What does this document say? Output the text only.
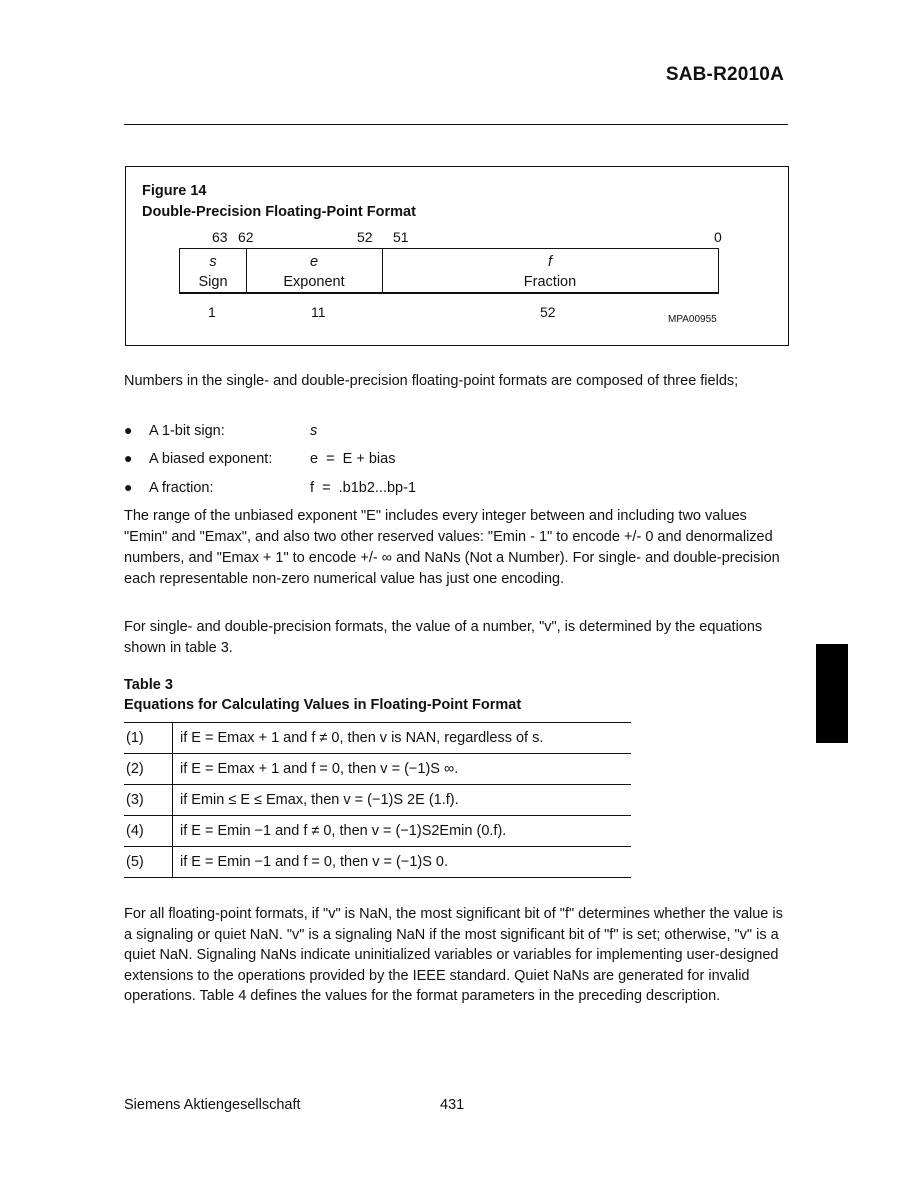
SAB-R2010A
Figure 14
Double-Precision Floating-Point Format
63 62	52 51	0
s
Sign
e
Exponent
f
Fraction
1	11	52	MPA00955
Numbers in the single- and double-precision floating-point formats are composed of three fields;
● A 1-bit sign:	s
● A biased exponent:	e  =  E + bias
● A fraction:	f  =  .b1b2...bp-1
The range of the unbiased exponent "E" includes every integer between and including two values "Emin" and "Emax", and also two other reserved values: "Emin - 1" to encode +/- 0 and denormalized numbers, and "Emax + 1" to encode +/- ∞ and NaNs (Not a Number). For single- and double-precision each representable non-zero numerical value has just one encoding.
For single- and double-precision formats, the value of a number, "v", is determined by the equations shown in table 3.
Table 3
Equations for Calculating Values in Floating-Point Format
(1)	if E = Emax + 1 and f ≠ 0, then v is NAN, regardless of s.
(2)	if E = Emax + 1 and f = 0, then v = (−1)S ∞.
(3)	if Emin ≤ E ≤ Emax, then v = (−1)S 2E (1.f).
(4)	if E = Emin −1 and f ≠ 0, then v = (−1)S2Emin (0.f).
(5)	if E = Emin −1 and f = 0, then v = (−1)S 0.
For all floating-point formats, if "v" is NaN, the most significant bit of "f" determines whether the value is a signaling or quiet NaN. "v" is a signaling NaN if the most significant bit of "f" is set; otherwise, "v" is a quiet NaN. Signaling NaNs indicate uninitialized variables or variables for implementing user-designed extensions to the operations provided by the IEEE standard. Quiet NaNs are generated for invalid operations. Table 4 defines the values for the format parameters in the preceding description.
Siemens Aktiengesellschaft	431
